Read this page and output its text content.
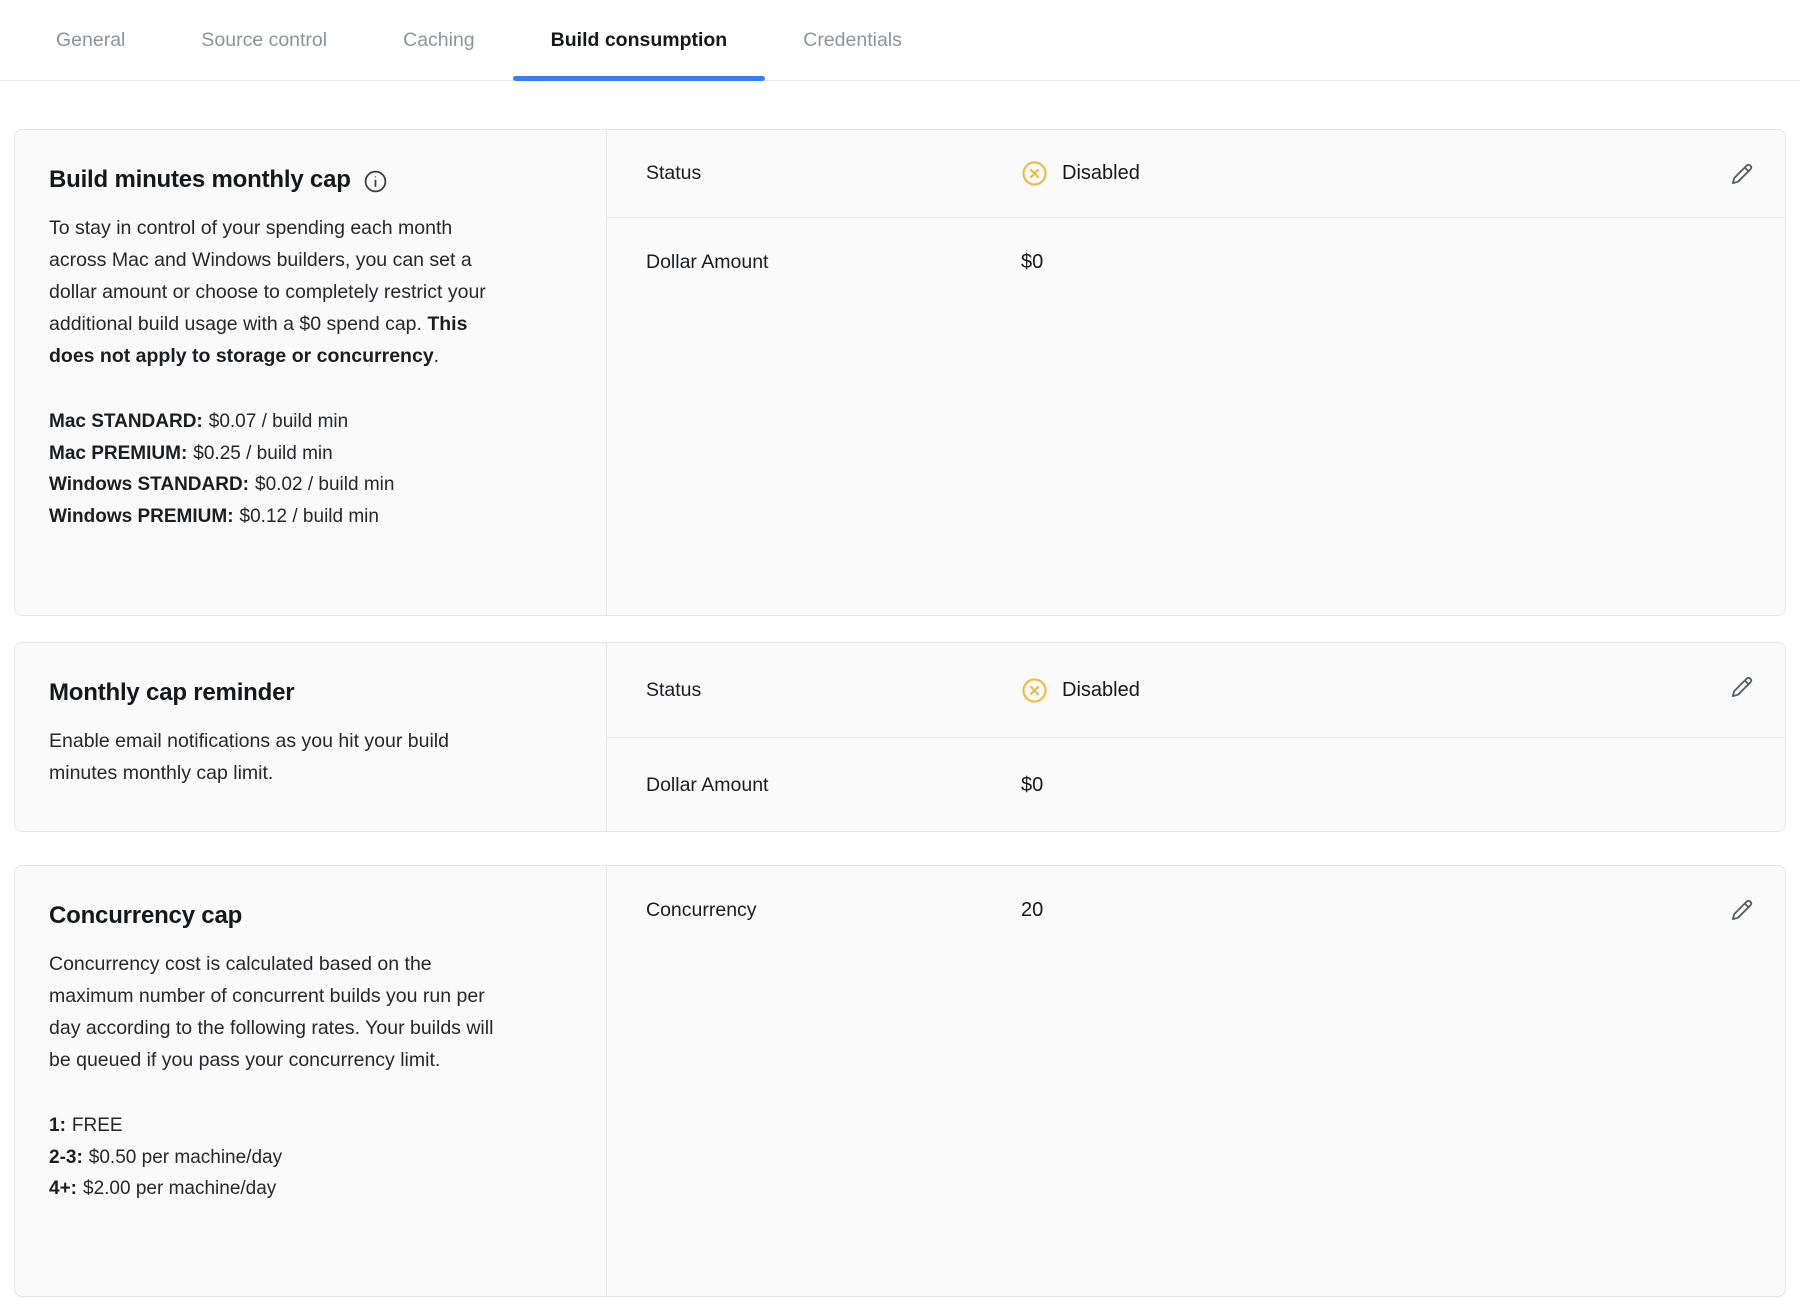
General	Source control	Caching	Build consumption	Credentials
Build minutes monthly cap

To stay in control of your spending each month across Mac and Windows builders, you can set a dollar amount or choose to completely restrict your additional build usage with a $0 spend cap. This does not apply to storage or concurrency.

Mac STANDARD: $0.07 / build min
Mac PREMIUM: $0.25 / build min
Windows STANDARD: $0.02 / build min
Windows PREMIUM: $0.12 / build min
Status	Disabled
Dollar Amount	$0
Monthly cap reminder

Enable email notifications as you hit your build minutes monthly cap limit.

Status	Disabled
Dollar Amount	$0
Concurrency cap

Concurrency cost is calculated based on the maximum number of concurrent builds you run per day according to the following rates. Your builds will be queued if you pass your concurrency limit.

1: FREE
2-3: $0.50 per machine/day
4+: $2.00 per machine/day
Concurrency	20
